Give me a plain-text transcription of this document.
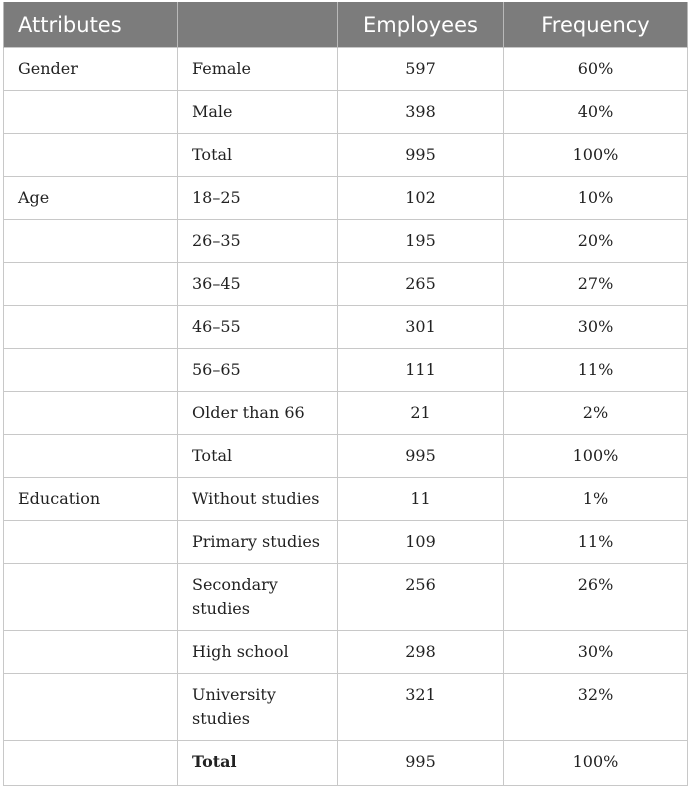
Attributes		Employees	Frequency

Gender	Female	597	60%

	Male	398	40%

	Total	995	100%

Age	18–25	102	10%

	26–35	195	20%

	36–45	265	27%

	46–55	301	30%

	56–65	111	11%

	Older than 66	21	2%

	Total	995	100%

Education	Without studies	11	1%

	Primary studies	109	11%

	Secondary studies	256	26%

	High school	298	30%

	University studies	321	32%

	Total	995	100%
